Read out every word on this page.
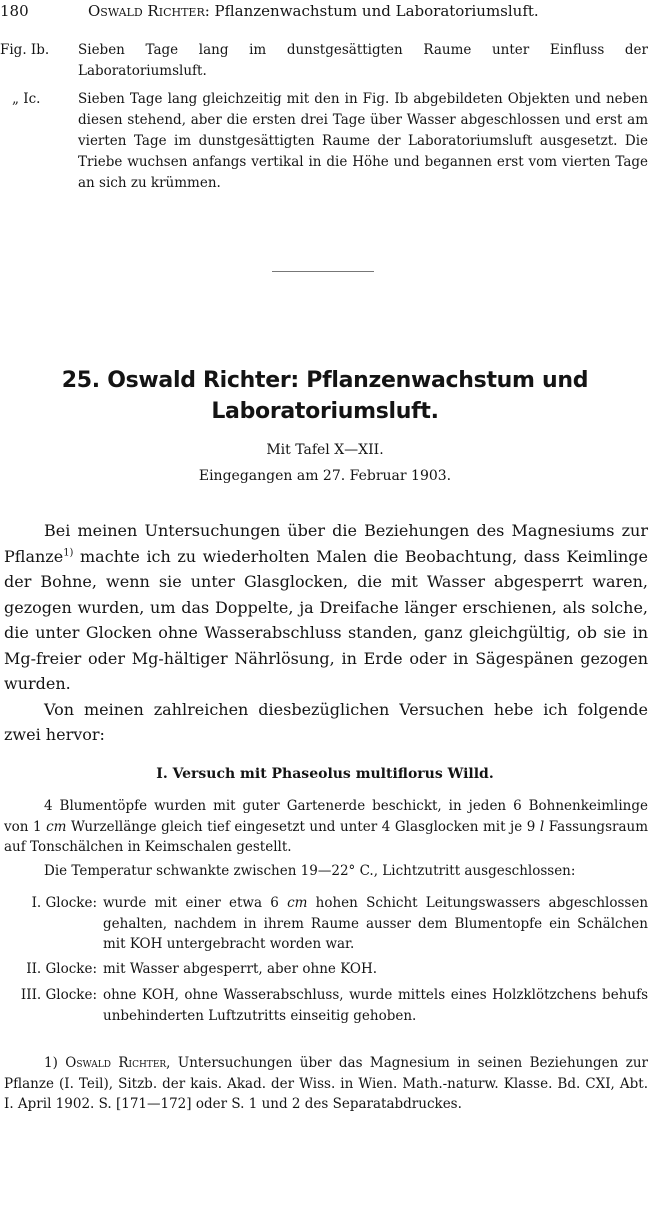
180	Oswald Richter: Pflanzenwachstum und Laboratoriumsluft.
Fig. Ib.	Sieben Tage lang im dunstgesättigten Raume unter Einfluss der Laboratoriumsluft.
„ Ic.	Sieben Tage lang gleichzeitig mit den in Fig. Ib abgebildeten Objekten und neben diesen stehend, aber die ersten drei Tage über Wasser abgeschlossen und erst am vierten Tage im dunstgesättigten Raume der Laboratoriumsluft ausgesetzt. Die Triebe wuchsen anfangs vertikal in die Höhe und begannen erst vom vierten Tage an sich zu krümmen.
25. Oswald Richter: Pflanzenwachstum und
Laboratoriumsluft.
Mit Tafel X—XII.
Eingegangen am 27. Februar 1903.

Bei meinen Untersuchungen über die Beziehungen des Magnesiums zur Pflanze$^{1)}$ machte ich zu wiederholten Malen die Beobachtung, dass Keimlinge der Bohne, wenn sie unter Glasglocken, die mit Wasser abgesperrt waren, gezogen wurden, um das Doppelte, ja Dreifache länger erschienen, als solche, die unter Glocken ohne Wasserabschluss standen, ganz gleichgültig, ob sie in Mg-freier oder Mg-hältiger Nährlösung, in Erde oder in Sägespänen gezogen wurden.

Von meinen zahlreichen diesbezüglichen Versuchen hebe ich folgende zwei hervor:

I. Versuch mit Phaseolus multiflorus Willd.

4 Blumentöpfe wurden mit guter Gartenerde beschickt, in jeden 6 Bohnenkeimlinge von 1 cm Wurzellänge gleich tief eingesetzt und unter 4 Glasglocken mit je 9 l Fassungsraum auf Tonschälchen in Keimschalen gestellt.

Die Temperatur schwankte zwischen 19—22° C., Lichtzutritt ausgeschlossen:

I. Glocke: wurde mit einer etwa 6 cm hohen Schicht Leitungswassers abgeschlossen gehalten, nachdem in ihrem Raume ausser dem Blumentopfe ein Schälchen mit KOH untergebracht worden war.
II. Glocke: mit Wasser abgesperrt, aber ohne KOH.
III. Glocke: ohne KOH, ohne Wasserabschluss, wurde mittels eines Holzklötzchens behufs unbehinderten Luftzutritts einseitig gehoben.

1) Oswald Richter, Untersuchungen über das Magnesium in seinen Beziehungen zur Pflanze (I. Teil), Sitzb. der kais. Akad. der Wiss. in Wien. Math.-naturw. Klasse. Bd. CXI, Abt. I. April 1902. S. [171—172] oder S. 1 und 2 des Separatabdruckes.
